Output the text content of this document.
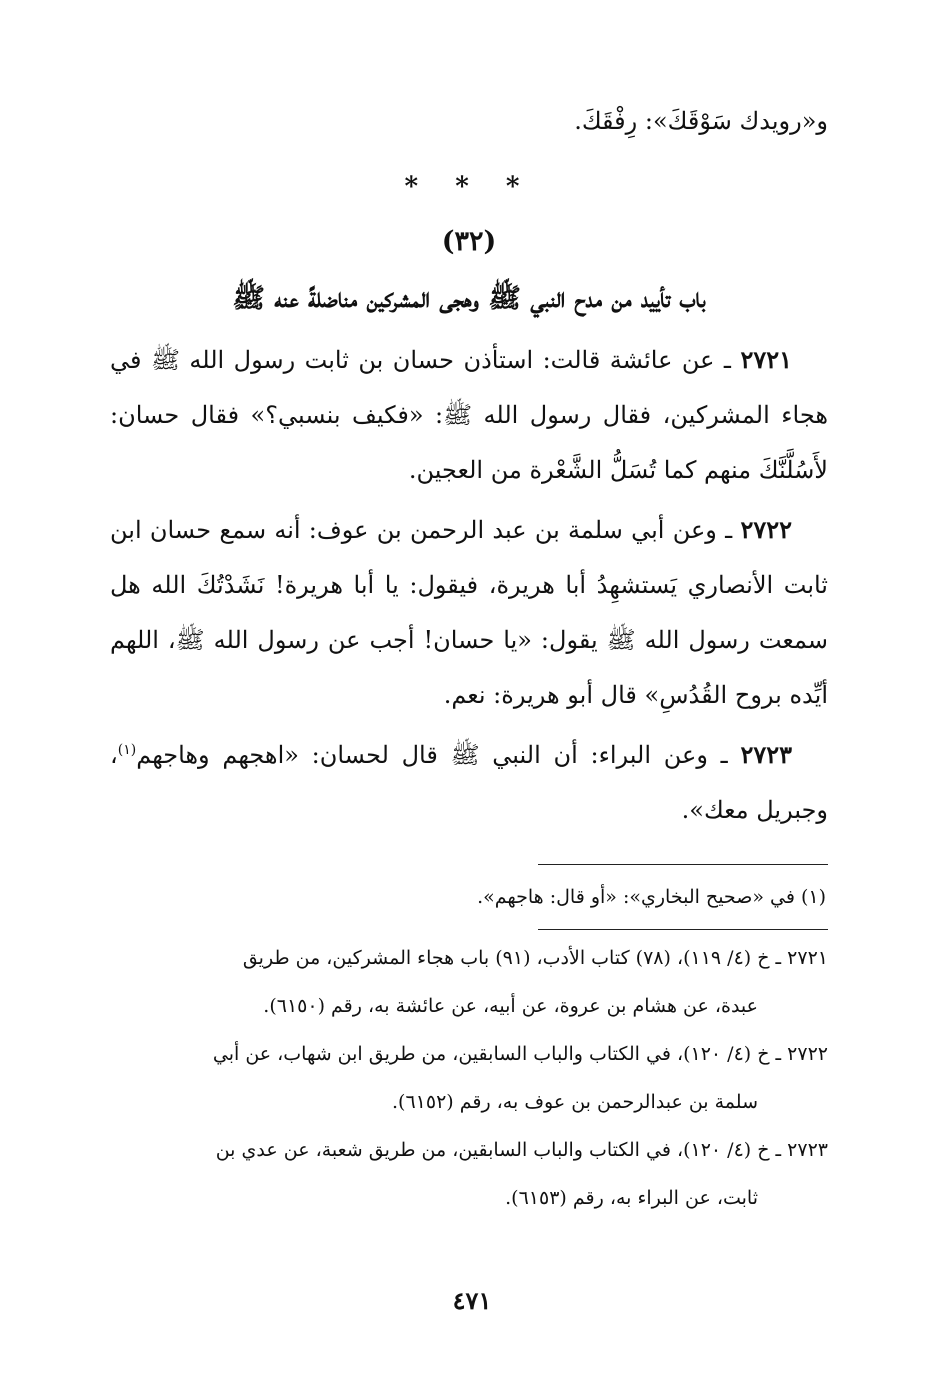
و«رويدك سَوْقَكَ»: رِفْقَكَ.

* * *

(٣٢)

باب تأييد من مدح النبي ﷺ وهجى المشركين مناضلةً عنه ﷺ

٢٧٢١ ـ عن عائشة قالت: استأذن حسان بن ثابت رسول الله ﷺ في هجاء المشركين، فقال رسول الله ﷺ: «فكيف بنسبي؟» فقال حسان: لأَسُلَّنَّكَ منهم كما تُسَلُّ الشَّعْرة من العجين.

٢٧٢٢ ـ وعن أبي سلمة بن عبد الرحمن بن عوف: أنه سمع حسان ابن ثابت الأنصاري يَستشهِدُ أبا هريرة، فيقول: يا أبا هريرة! نَشَدْتُكَ الله هل سمعت رسول الله ﷺ يقول: «يا حسان! أجب عن رسول الله ﷺ، اللهم أيِّده بروح القُدُسِ» قال أبو هريرة: نعم.

٢٧٢٣ ـ وعن البراء: أن النبي ﷺ قال لحسان: «اهجهم وهاجهم$^{(١)}$، وجبريل معك».

(١) في «صحيح البخاري»: «أو قال: هاجهم».

٢٧٢١ ـ خ (٤/ ١١٩)، (٧٨) كتاب الأدب، (٩١) باب هجاء المشركين، من طريق
عبدة، عن هشام بن عروة، عن أبيه، عن عائشة به، رقم (٦١٥٠).

٢٧٢٢ ـ خ (٤/ ١٢٠)، في الكتاب والباب السابقين، من طريق ابن شهاب، عن أبي
سلمة بن عبدالرحمن بن عوف به، رقم (٦١٥٢).

٢٧٢٣ ـ خ (٤/ ١٢٠)، في الكتاب والباب السابقين، من طريق شعبة، عن عدي بن
ثابت، عن البراء به، رقم (٦١٥٣).

٤٧١
